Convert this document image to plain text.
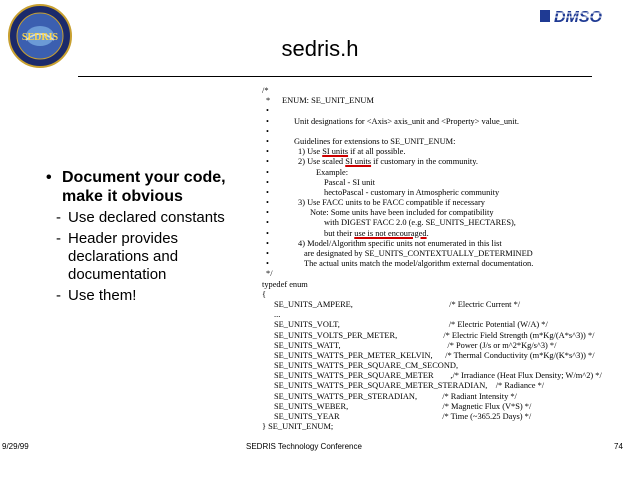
SEDRIS
DMSO
sedris.h
• Document your code, make it obvious
- Use declared constants
- Header provides declarations and documentation
- Use them!
/*
* ENUM: SE_UNIT_ENUM
•
•	Unit designations for <Axis> axis_unit and <Property> value_unit.
•
•	Guidelines for extensions to SE_UNIT_ENUM:
•	1) Use SI units if at all possible.
•	2) Use scaled SI units if customary in the community.
•	Example:
•	Pascal - SI unit
•	hectoPascal - customary in Atmospheric community
•	3) Use FACC units to be FACC compatible if necessary
•	Note: Some units have been included for compatibility
•	with DIGEST FACC 2.0 (e.g. SE_UNITS_HECTARES),
•	but their use is not encouraged.
•	4) Model/Algorithm specific units not enumerated in this list
•	are designated by SE_UNITS_CONTEXTUALLY_DETERMINED
•	The actual units match the model/algorithm external documentation.
*/
typedef enum
{
SE_UNITS_AMPERE,                                              /* Electric Current */
...
SE_UNITS_VOLT,                                                    /* Electric Potential (W/A) */
SE_UNITS_VOLTS_PER_METER,                      /* Electric Field Strength (m*Kg/(A*s^3)) */
SE_UNITS_WATT,                                                   /* Power (J/s or m^2*Kg/s^3) */
SE_UNITS_WATTS_PER_METER_KELVIN,      /* Thermal Conductivity (m*Kg/(K*s^3)) */
SE_UNITS_WATTS_PER_SQUARE_CM_SECOND,
SE_UNITS_WATTS_PER_SQUARE_METER        ,/* Irradiance (Heat Flux Density; W/m^2) */
SE_UNITS_WATTS_PER_SQUARE_METER_STERADIAN,    /* Radiance */
SE_UNITS_WATTS_PER_STERADIAN,            /* Radiant Intensity */
SE_UNITS_WEBER,                                             /* Magnetic Flux (V*S) */
SE_UNITS_YEAR                                                 /* Time (~365.25 Days) */
} SE_UNIT_ENUM;
9/29/99	SEDRIS Technology Conference	74
